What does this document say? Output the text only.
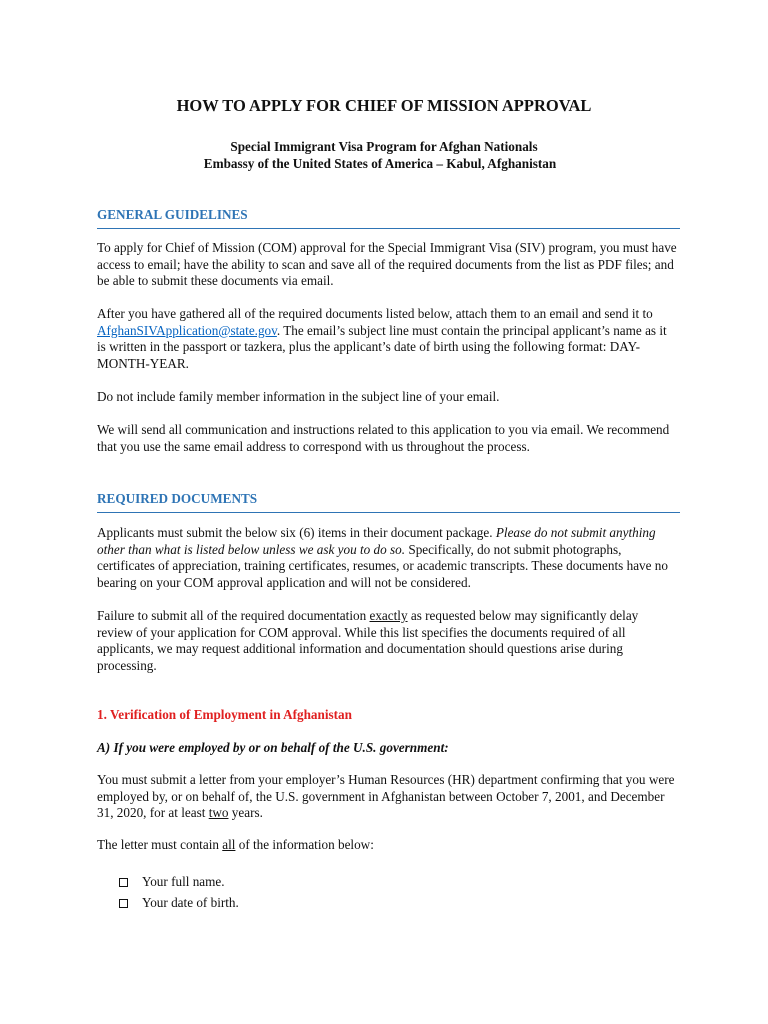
HOW TO APPLY FOR CHIEF OF MISSION APPROVAL
Special Immigrant Visa Program for Afghan Nationals
Embassy of the United States of America – Kabul, Afghanistan
GENERAL GUIDELINES

To apply for Chief of Mission (COM) approval for the Special Immigrant Visa (SIV) program, you must have access to email; have the ability to scan and save all of the required documents from the list as PDF files; and be able to submit these documents via email.

After you have gathered all of the required documents listed below, attach them to an email and send it to AfghanSIVApplication@state.gov. The email’s subject line must contain the principal applicant’s name as it is written in the passport or tazkera, plus the applicant’s date of birth using the following format: DAY-MONTH-YEAR.

Do not include family member information in the subject line of your email.

We will send all communication and instructions related to this application to you via email. We recommend that you use the same email address to correspond with us throughout the process.

REQUIRED DOCUMENTS

Applicants must submit the below six (6) items in their document package. Please do not submit anything other than what is listed below unless we ask you to do so. Specifically, do not submit photographs, certificates of appreciation, training certificates, resumes, or academic transcripts. These documents have no bearing on your COM approval application and will not be considered.

Failure to submit all of the required documentation exactly as requested below may significantly delay review of your application for COM approval. While this list specifies the documents required of all applicants, we may request additional information and documentation should questions arise during processing.

1. Verification of Employment in Afghanistan
A) If you were employed by or on behalf of the U.S. government:

You must submit a letter from your employer’s Human Resources (HR) department confirming that you were employed by, or on behalf of, the U.S. government in Afghanistan between October 7, 2001, and December 31, 2020, for at least two years.

The letter must contain all of the information below:

Your full name.
Your date of birth.
